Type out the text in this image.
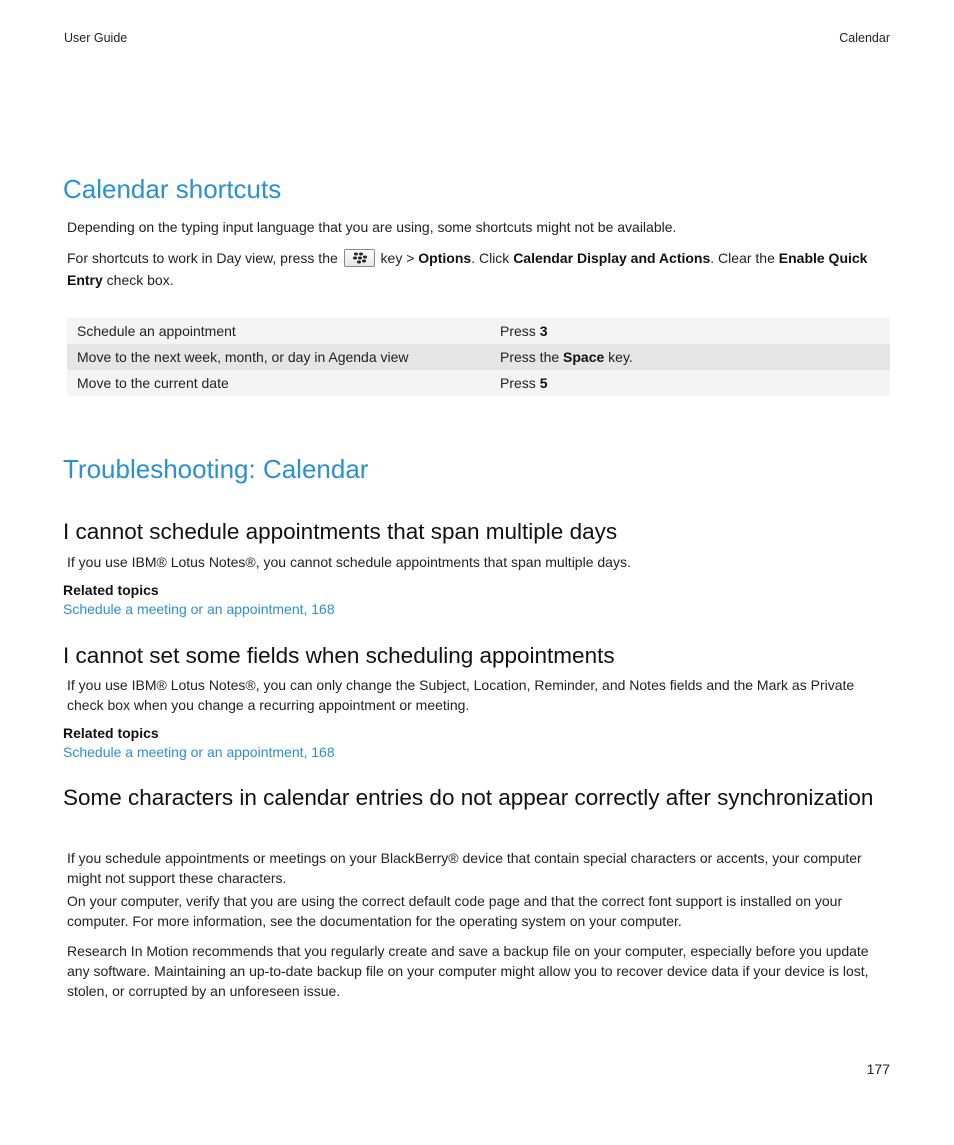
User Guide	Calendar
Calendar shortcuts
Depending on the typing input language that you are using, some shortcuts might not be available.
For shortcuts to work in Day view, press the	key > Options. Click Calendar Display and Actions. Clear the Enable Quick Entry check box.
Schedule an appointment	Press 3
Move to the next week, month, or day in Agenda view	Press the Space key.
Move to the current date	Press 5
Troubleshooting: Calendar
I cannot schedule appointments that span multiple days
If you use IBM® Lotus Notes®, you cannot schedule appointments that span multiple days.
Related topics
Schedule a meeting or an appointment, 168
I cannot set some fields when scheduling appointments
If you use IBM® Lotus Notes®, you can only change the Subject, Location, Reminder, and Notes fields and the Mark as Private check box when you change a recurring appointment or meeting.
Related topics
Schedule a meeting or an appointment, 168
Some characters in calendar entries do not appear correctly after synchronization
If you schedule appointments or meetings on your BlackBerry® device that contain special characters or accents, your computer might not support these characters.
On your computer, verify that you are using the correct default code page and that the correct font support is installed on your computer. For more information, see the documentation for the operating system on your computer.
Research In Motion recommends that you regularly create and save a backup file on your computer, especially before you update any software. Maintaining an up-to-date backup file on your computer might allow you to recover device data if your device is lost, stolen, or corrupted by an unforeseen issue.
177
